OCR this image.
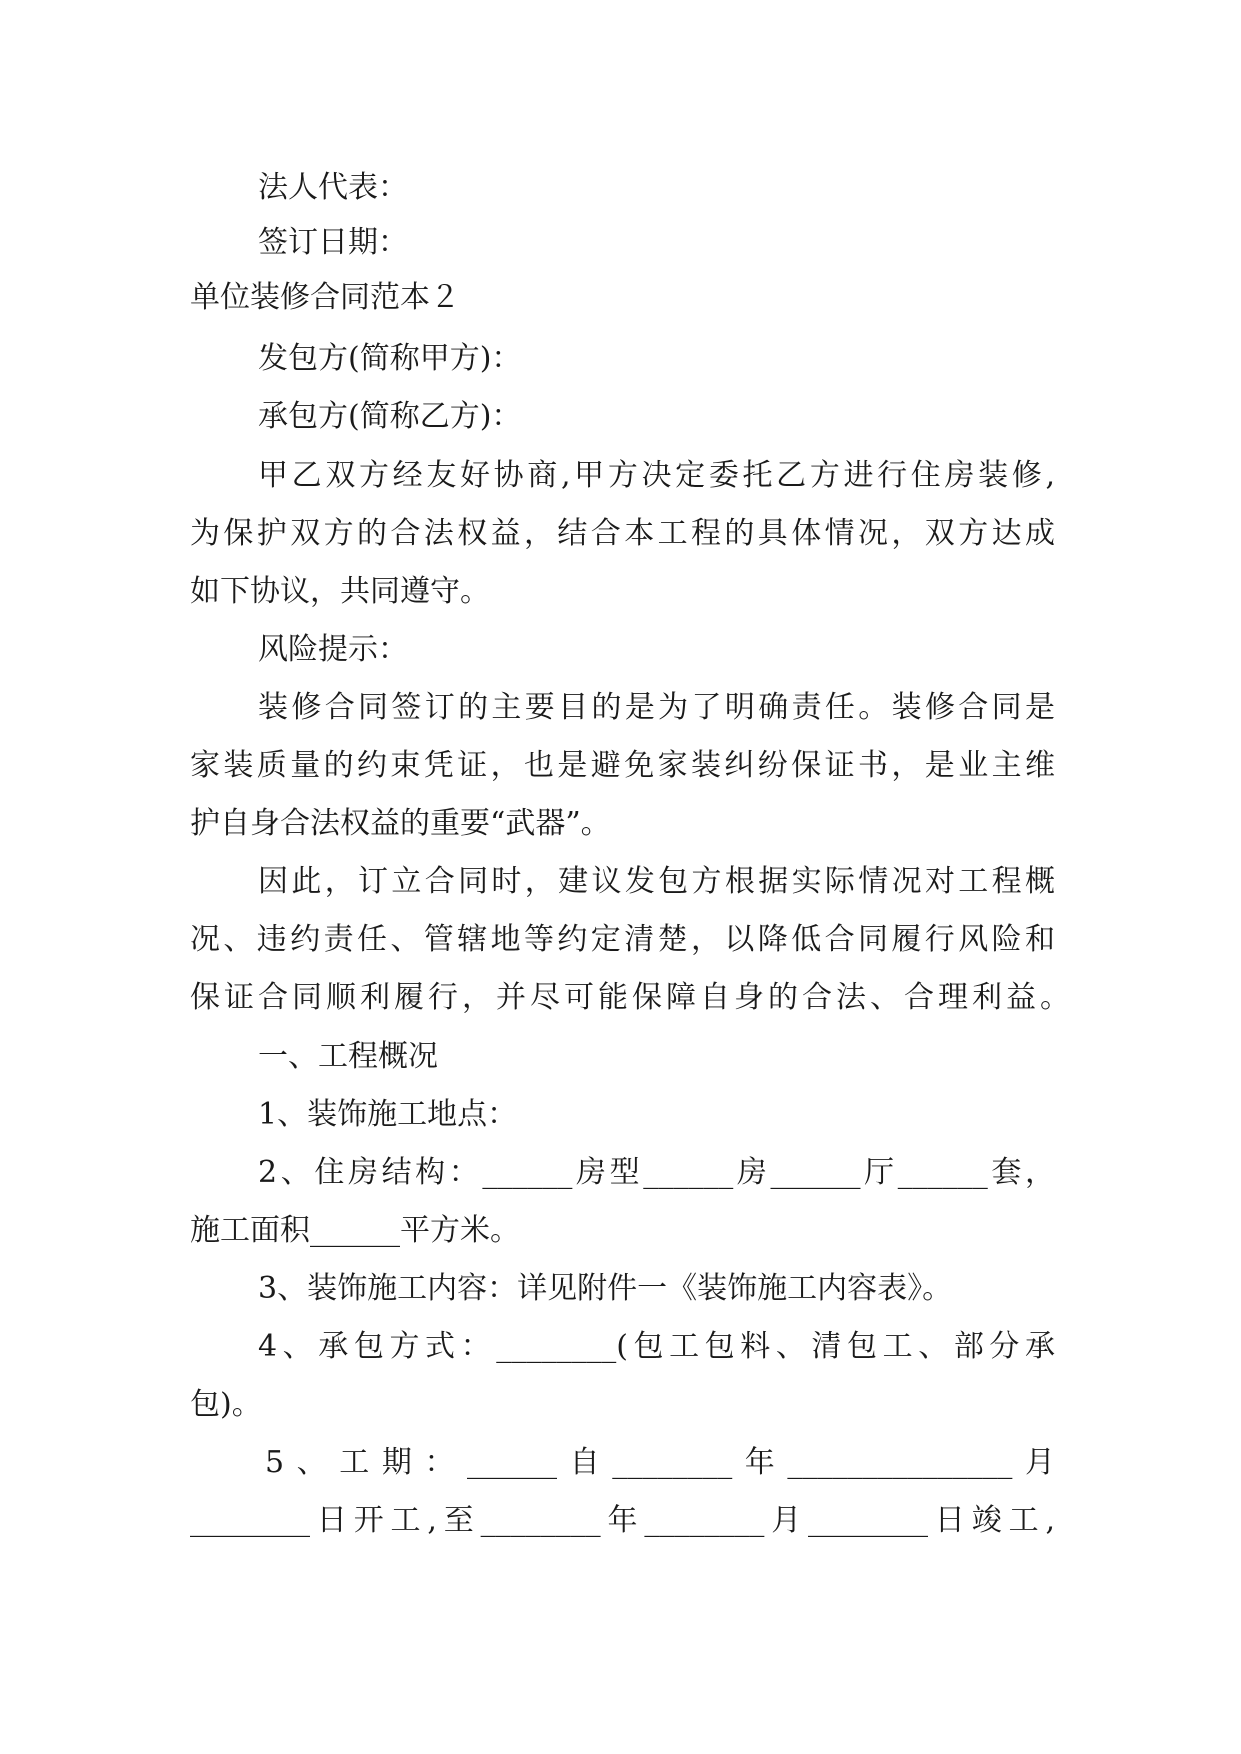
法人代表：
签订日期：
单位装修合同范本２
发包方(简称甲方)：
承包方(简称乙方)：
甲乙双方经友好协商,甲方决定委托乙方进行住房装修,
为保护双方的合法权益，结合本工程的具体情况，双方达成
如下协议，共同遵守。
风险提示：
装修合同签订的主要目的是为了明确责任。装修合同是
家装质量的约束凭证，也是避免家装纠纷保证书，是业主维
护自身合法权益的重要“武器”。
因此，订立合同时，建议发包方根据实际情况对工程概
况、违约责任、管辖地等约定清楚，以降低合同履行风险和
保证合同顺利履行，并尽可能保障自身的合法、合理利益。
一、工程概况
1、装饰施工地点：
2、住房结构：______房型______房______厅______套，
施工面积______平方米。
3、装饰施工内容：详见附件一《装饰施工内容表》。
4、承包方式：________(包工包料、清包工、部分承
包)。
5、工期：______自________年_______________月
________日开工,至________年________月________日竣工,
